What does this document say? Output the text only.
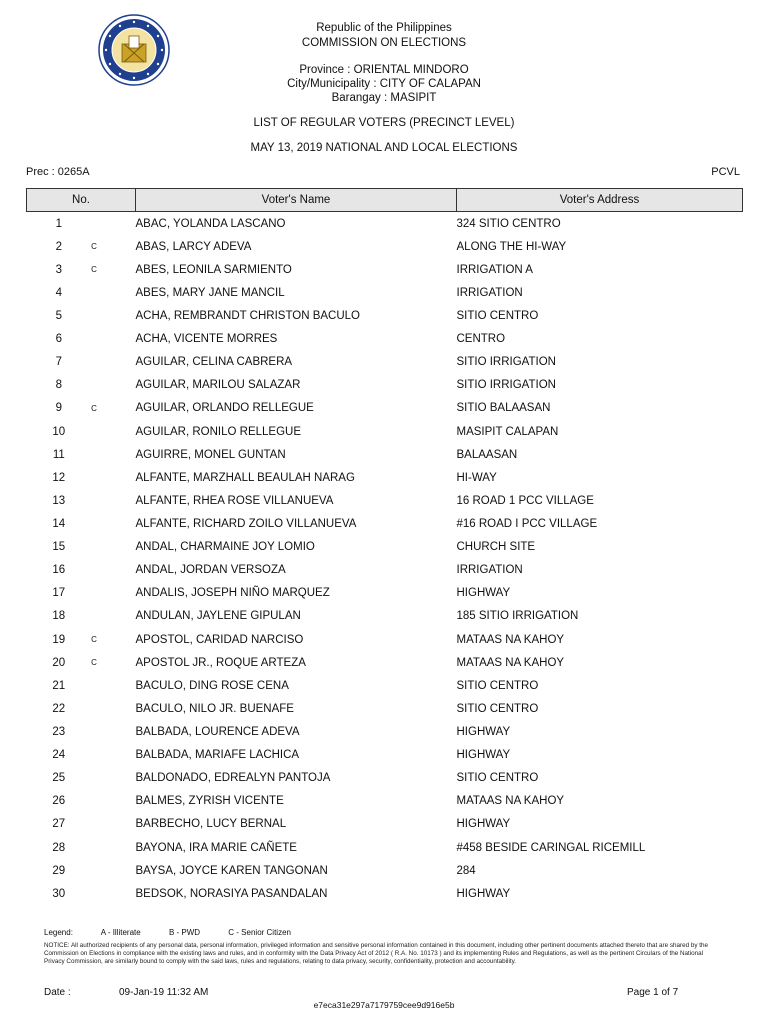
Republic of the Philippines
COMMISSION ON ELECTIONS
Province : ORIENTAL MINDORO
City/Municipality : CITY OF CALAPAN
Barangay : MASIPIT
LIST OF REGULAR VOTERS (PRECINCT LEVEL)
MAY 13, 2019 NATIONAL AND LOCAL ELECTIONS
Prec : 0265A	PCVL
No.		Voter's Name	Voter's Address
1		ABAC, YOLANDA LASCANO	324 SITIO CENTRO
2	C	ABAS, LARCY ADEVA	ALONG THE HI-WAY
3	C	ABES, LEONILA SARMIENTO	IRRIGATION A
4		ABES, MARY JANE MANCIL	IRRIGATION
5		ACHA, REMBRANDT CHRISTON BACULO	SITIO CENTRO
6		ACHA, VICENTE MORRES	CENTRO
7		AGUILAR, CELINA CABRERA	SITIO IRRIGATION
8		AGUILAR, MARILOU SALAZAR	SITIO IRRIGATION
9	C	AGUILAR, ORLANDO RELLEGUE	SITIO BALAASAN
10		AGUILAR, RONILO RELLEGUE	MASIPIT CALAPAN
11		AGUIRRE, MONEL GUNTAN	BALAASAN
12		ALFANTE, MARZHALL BEAULAH NARAG	HI-WAY
13		ALFANTE, RHEA ROSE VILLANUEVA	16 ROAD 1 PCC VILLAGE
14		ALFANTE, RICHARD ZOILO VILLANUEVA	#16 ROAD I PCC VILLAGE
15		ANDAL, CHARMAINE JOY LOMIO	CHURCH SITE
16		ANDAL, JORDAN VERSOZA	IRRIGATION
17		ANDALIS, JOSEPH NIÑO MARQUEZ	HIGHWAY
18		ANDULAN, JAYLENE GIPULAN	185 SITIO IRRIGATION
19	C	APOSTOL, CARIDAD NARCISO	MATAAS NA KAHOY
20	C	APOSTOL JR., ROQUE ARTEZA	MATAAS NA KAHOY
21		BACULO, DING ROSE CENA	SITIO CENTRO
22		BACULO, NILO JR. BUENAFE	SITIO CENTRO
23		BALBADA, LOURENCE ADEVA	HIGHWAY
24		BALBADA, MARIAFE LACHICA	HIGHWAY
25		BALDONADO, EDREALYN PANTOJA	SITIO CENTRO
26		BALMES, ZYRISH VICENTE	MATAAS NA KAHOY
27		BARBECHO, LUCY BERNAL	HIGHWAY
28		BAYONA, IRA MARIE CAÑETE	#458 BESIDE CARINGAL RICEMILL
29		BAYSA, JOYCE KAREN TANGONAN	284
30		BEDSOK, NORASIYA PASANDALAN	HIGHWAY
Legend:	A - Illiterate	B - PWD	C - Senior Citizen
NOTICE: All authorized recipients of any personal data, personal information, privileged information and sensitive personal information contained in this document, including other pertinent documents attached thereto that are shared by the Commission on Elections in compliance with the existing laws and rules, and in conformity with the Data Privacy Act of 2012 ( R.A. No. 10173 ) and its implementing Rules and Regulations, as well as the pertinent Circulars of the National Privacy Commission, are similarly bound to comply with the said laws, rules and regulations, relating to data privacy, security, confidentiality, protection and accountability.
Date :	09-Jan-19 11:32 AM	Page 1 of 7
e7eca31e297a7179759cee9d916e5b
